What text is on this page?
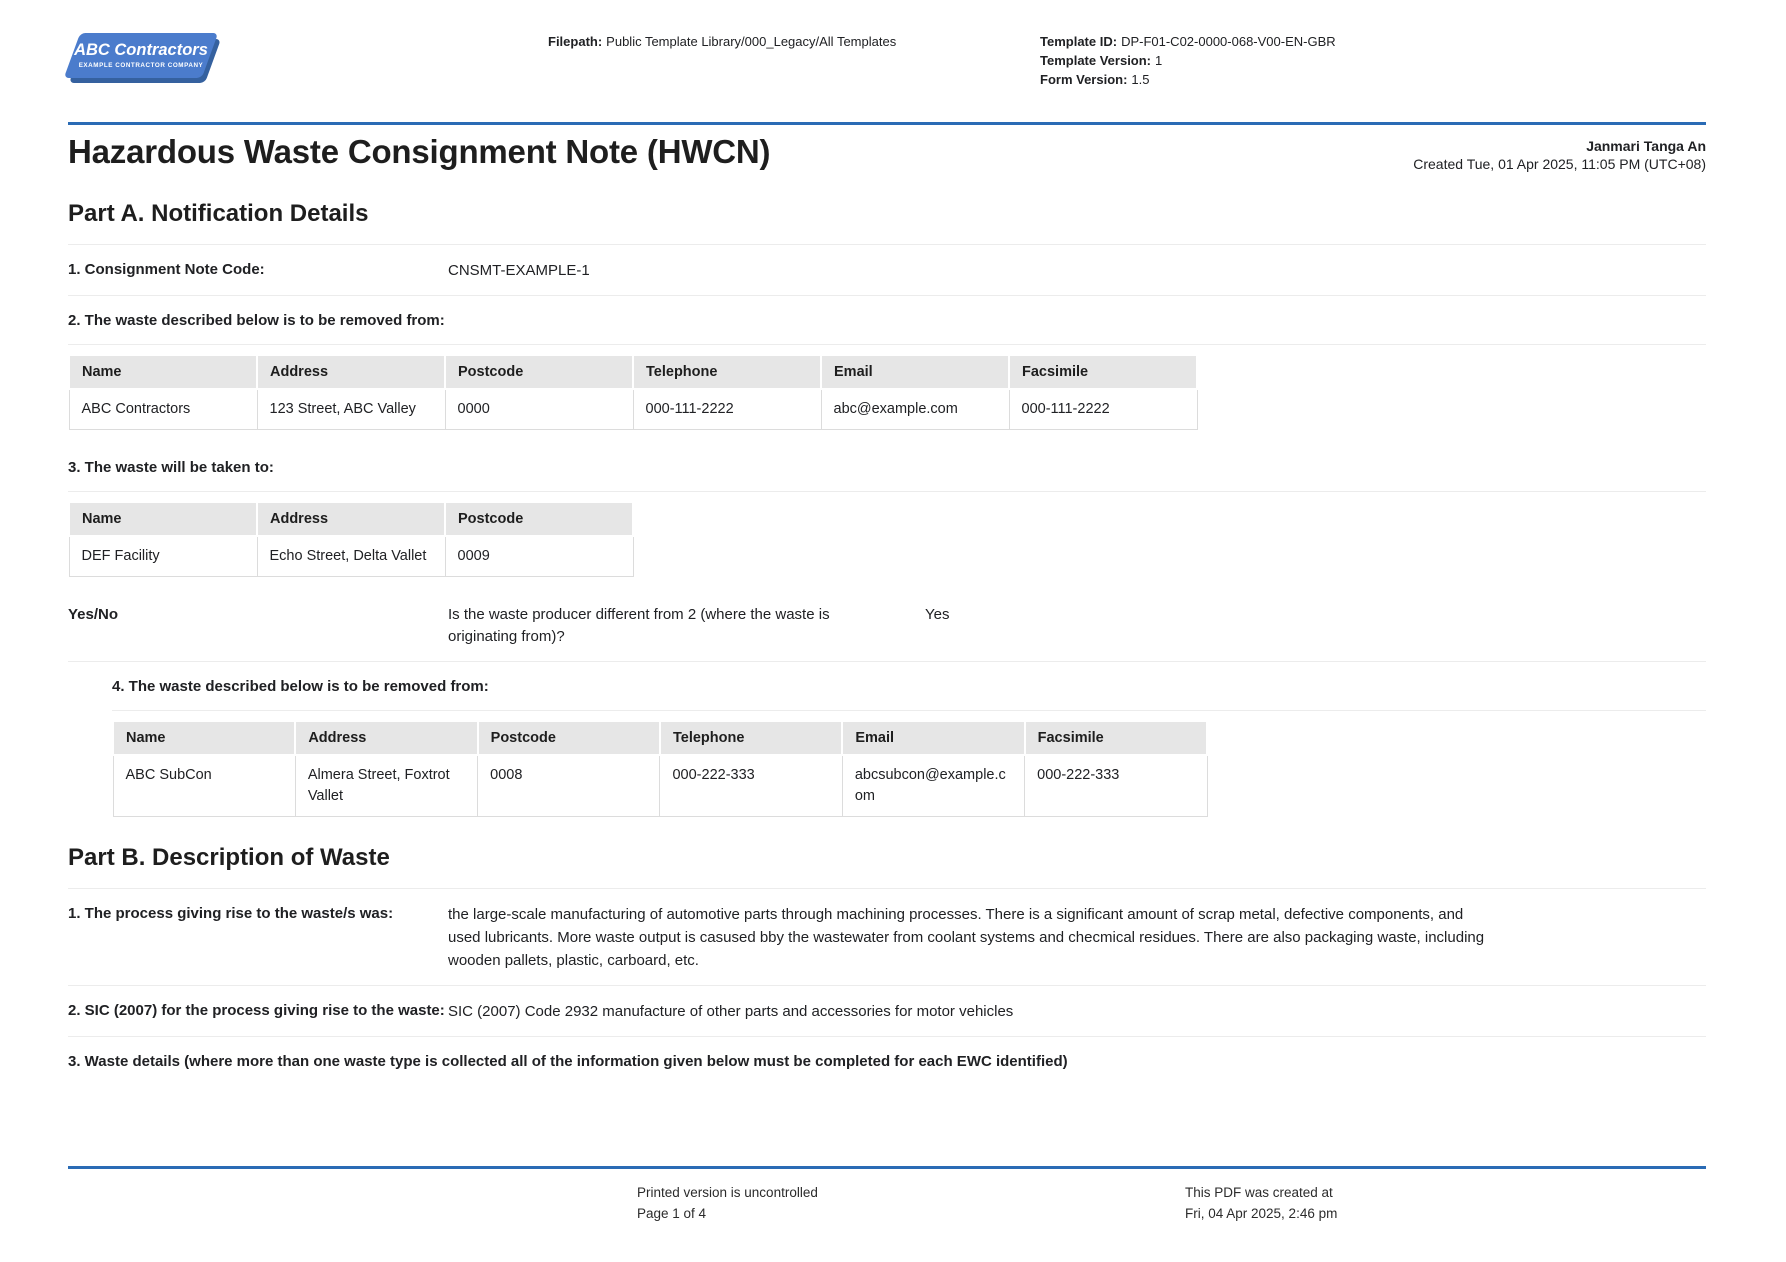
ABC Contractors
EXAMPLE CONTRACTOR COMPANY
Filepath: Public Template Library/000_Legacy/All Templates	Template ID: DP-F01-C02-0000-068-V00-EN-GBR
Template Version: 1
Form Version: 1.5
Hazardous Waste Consignment Note (HWCN)	Janmari Tanga An
Created Tue, 01 Apr 2025, 11:05 PM (UTC+08)
Part A. Notification Details
1. Consignment Note Code:	CNSMT-EXAMPLE-1
2. The waste described below is to be removed from:
Name	Address	Postcode	Telephone	Email	Facsimile
ABC Contractors	123 Street, ABC Valley	0000	000-111-2222	abc@example.com	000-111-2222
3. The waste will be taken to:
Name	Address	Postcode
DEF Facility	Echo Street, Delta Vallet	0009
Yes/No	Is the waste producer different from 2 (where the waste is originating from)?
Yes
4. The waste described below is to be removed from:
Name	Address	Postcode	Telephone	Email	Facsimile
ABC SubCon	Almera Street, Foxtrot Vallet	0008	000-222-333	abcsubcon@example.com	000-222-333
Part B. Description of Waste
1. The process giving rise to the waste/s was:	the large-scale manufacturing of automotive parts through machining processes. There is a significant amount of scrap metal, defective components, and used lubricants. More waste output is casused bby the wastewater from coolant systems and checmical residues. There are also packaging waste, including wooden pallets, plastic, carboard, etc.
2. SIC (2007) for the process giving rise to the waste: SIC (2007) Code 2932 manufacture of other parts and accessories for motor vehicles
3. Waste details (where more than one waste type is collected all of the information given below must be completed for each EWC identified)
Printed version is uncontrolled
Page 1 of 4
This PDF was created at
Fri, 04 Apr 2025, 2:46 pm
